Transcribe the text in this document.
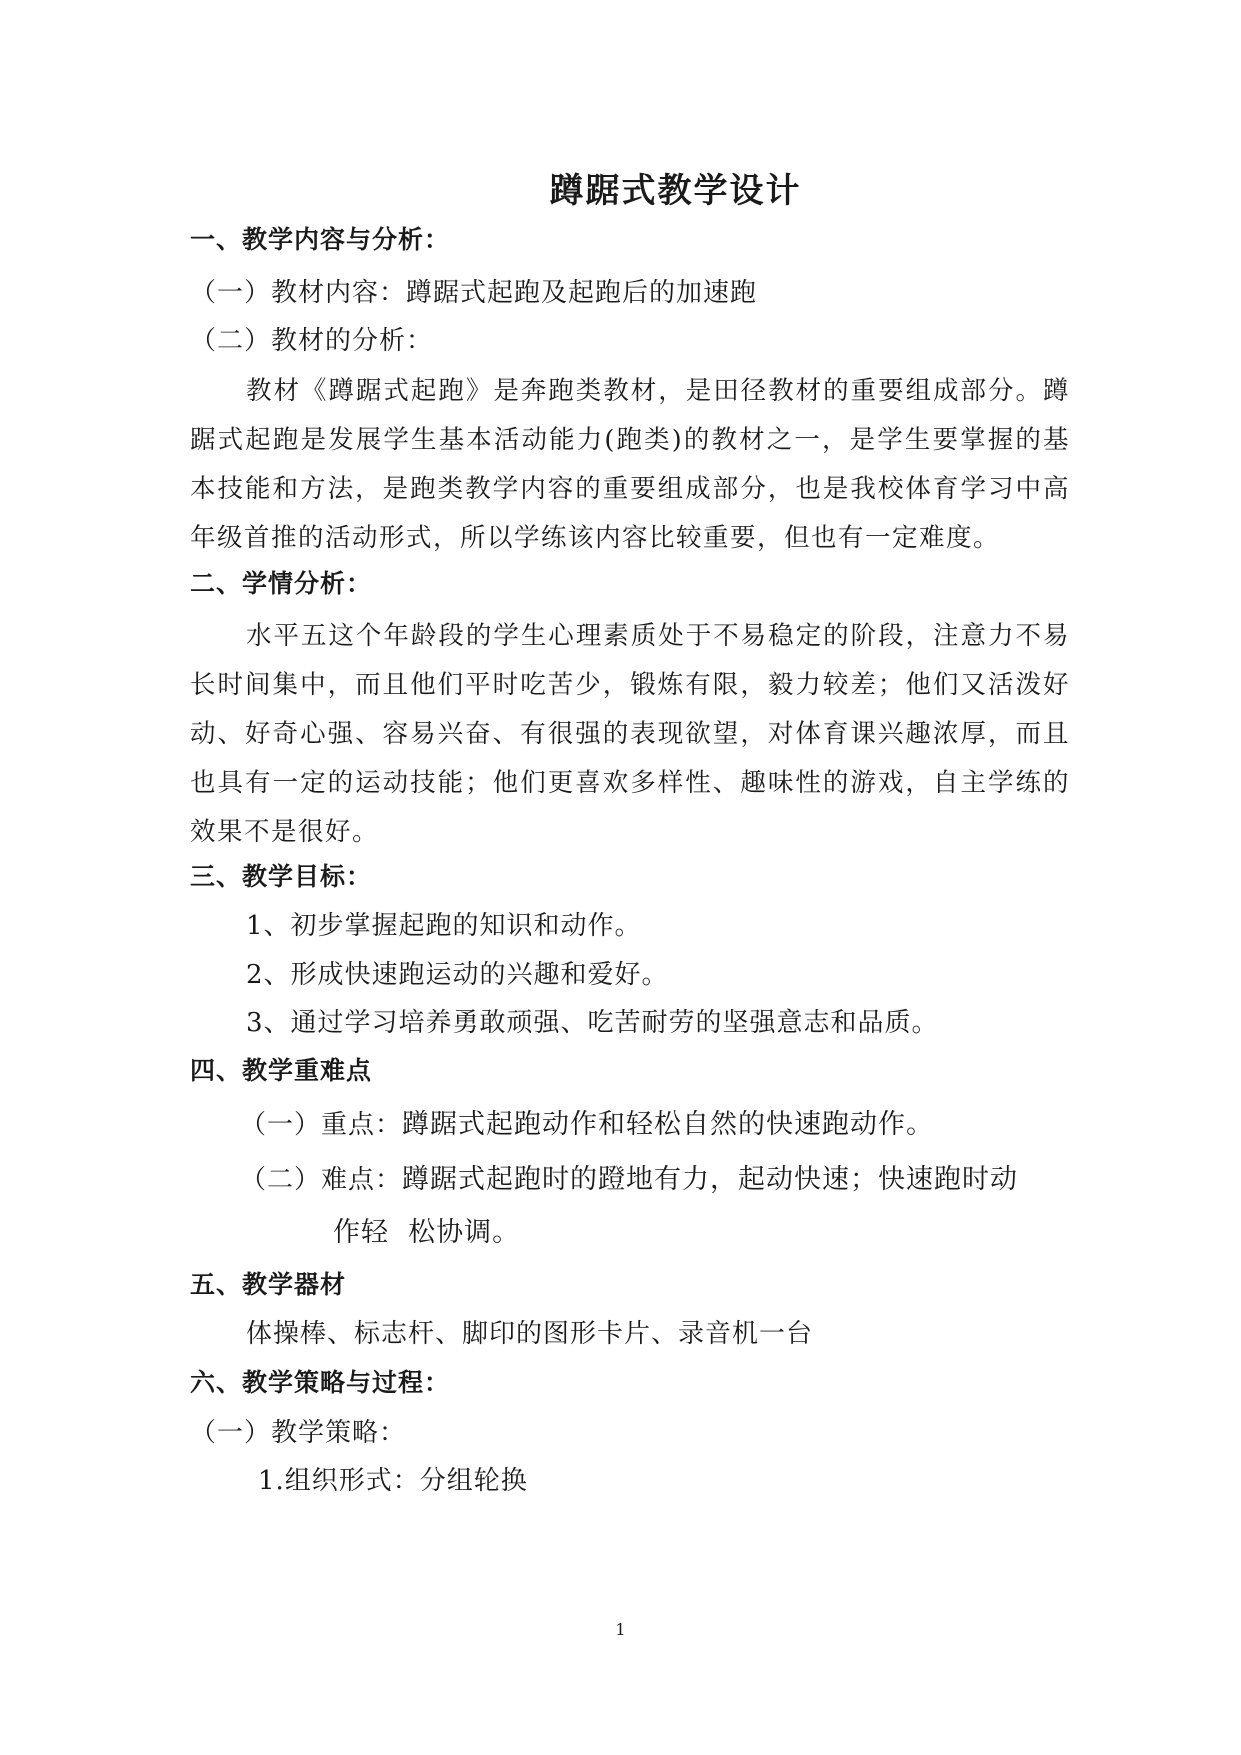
蹲踞式教学设计
一、教学内容与分析：
（一）教材内容：蹲踞式起跑及起跑后的加速跑
（二）教材的分析：
教材《蹲踞式起跑》是奔跑类教材，是田径教材的重要组成部分。蹲踞式起跑是发展学生基本活动能力(跑类)的教材之一，是学生要掌握的基本技能和方法，是跑类教学内容的重要组成部分，也是我校体育学习中高年级首推的活动形式，所以学练该内容比较重要，但也有一定难度。
二、学情分析：
水平五这个年龄段的学生心理素质处于不易稳定的阶段，注意力不易长时间集中，而且他们平时吃苦少，锻炼有限，毅力较差；他们又活泼好动、好奇心强、容易兴奋、有很强的表现欲望，对体育课兴趣浓厚，而且也具有一定的运动技能；他们更喜欢多样性、趣味性的游戏，自主学练的效果不是很好。
三、教学目标：
1、初步掌握起跑的知识和动作。
2、形成快速跑运动的兴趣和爱好。
3、通过学习培养勇敢顽强、吃苦耐劳的坚强意志和品质。
四、教学重难点
（一）重点：蹲踞式起跑动作和轻松自然的快速跑动作。
（二）难点：蹲踞式起跑时的蹬地有力，起动快速；快速跑时动
作轻  松协调。
五、教学器材
体操棒、标志杆、脚印的图形卡片、录音机一台
六、教学策略与过程：
（一）教学策略：
1.组织形式：分组轮换
1
